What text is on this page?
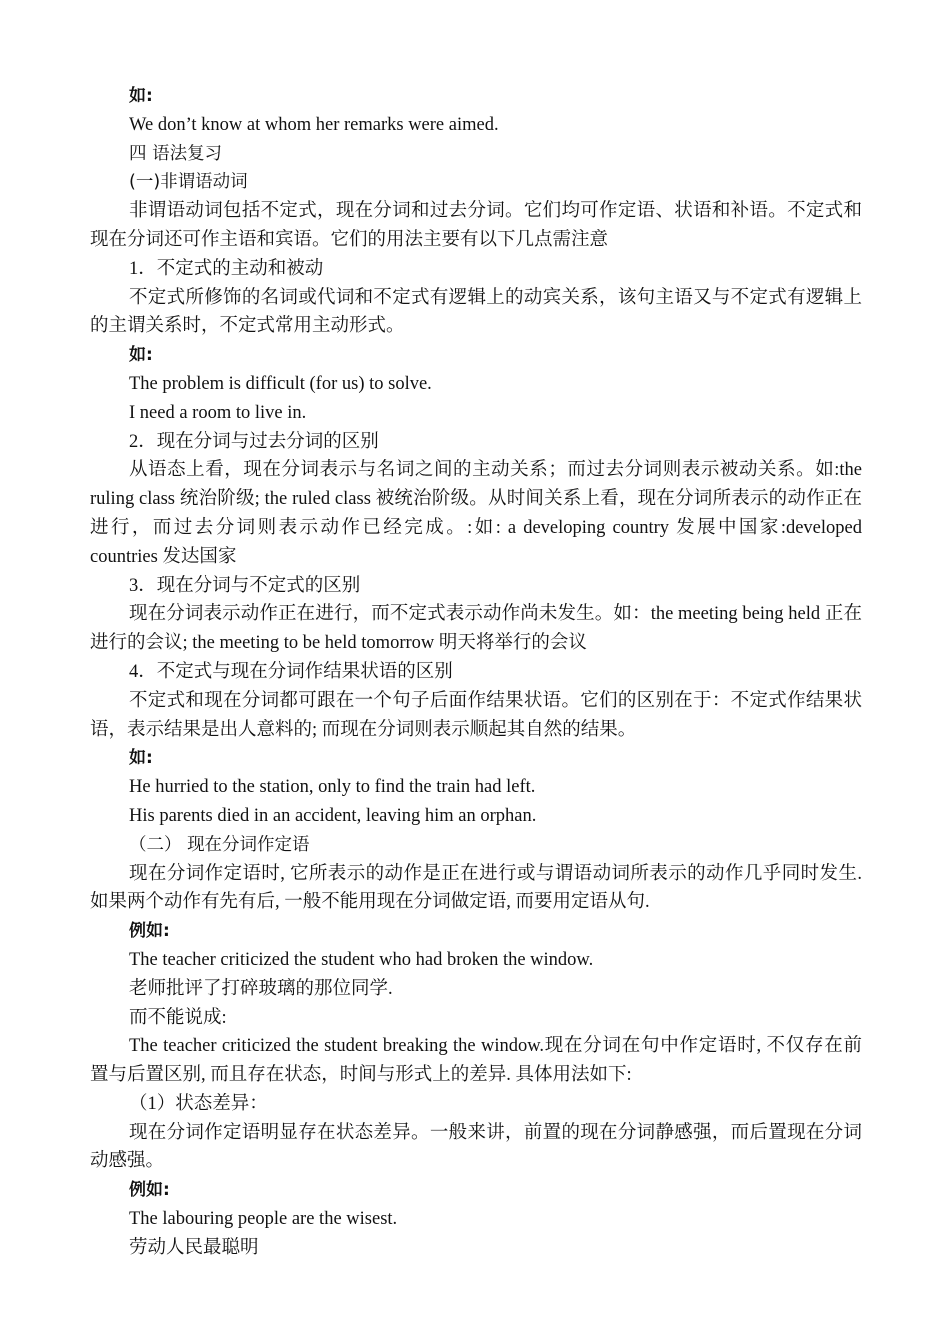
如:

We don’t know at whom her remarks were aimed.

四 语法复习

(一)非谓语动词

非谓语动词包括不定式，现在分词和过去分词。它们均可作定语、状语和补语。不定式和现在分词还可作主语和宾语。它们的用法主要有以下几点需注意

1．不定式的主动和被动

不定式所修饰的名词或代词和不定式有逻辑上的动宾关系，该句主语又与不定式有逻辑上的主谓关系时，不定式常用主动形式。

如:

The problem is difficult (for us) to solve.

I need a room to live in.

2．现在分词与过去分词的区别

从语态上看，现在分词表示与名词之间的主动关系；而过去分词则表示被动关系。如:the ruling class 统治阶级; the ruled class 被统治阶级。从时间关系上看，现在分词所表示的动作正在进行，而过去分词则表示动作已经完成。:如: a developing country 发展中国家:developed countries 发达国家

3．现在分词与不定式的区别

现在分词表示动作正在进行，而不定式表示动作尚未发生。如：the meeting being held 正在进行的会议; the meeting to be held tomorrow 明天将举行的会议

4．不定式与现在分词作结果状语的区别

不定式和现在分词都可跟在一个句子后面作结果状语。它们的区别在于：不定式作结果状语，表示结果是出人意料的; 而现在分词则表示顺起其自然的结果。

如:

He hurried to the station, only to find the train had left.

His parents died in an accident, leaving him an orphan.

（二） 现在分词作定语

现在分词作定语时, 它所表示的动作是正在进行或与谓语动词所表示的动作几乎同时发生. 如果两个动作有先有后, 一般不能用现在分词做定语, 而要用定语从句.

例如:

The teacher criticized the student who had broken the window.

老师批评了打碎玻璃的那位同学.

而不能说成:

The teacher criticized the student breaking the window.现在分词在句中作定语时, 不仅存在前置与后置区别, 而且存在状态，时间与形式上的差异. 具体用法如下:

（1）状态差异：

现在分词作定语明显存在状态差异。一般来讲，前置的现在分词静感强，而后置现在分词动感强。

例如:

The labouring people are the wisest.

劳动人民最聪明
